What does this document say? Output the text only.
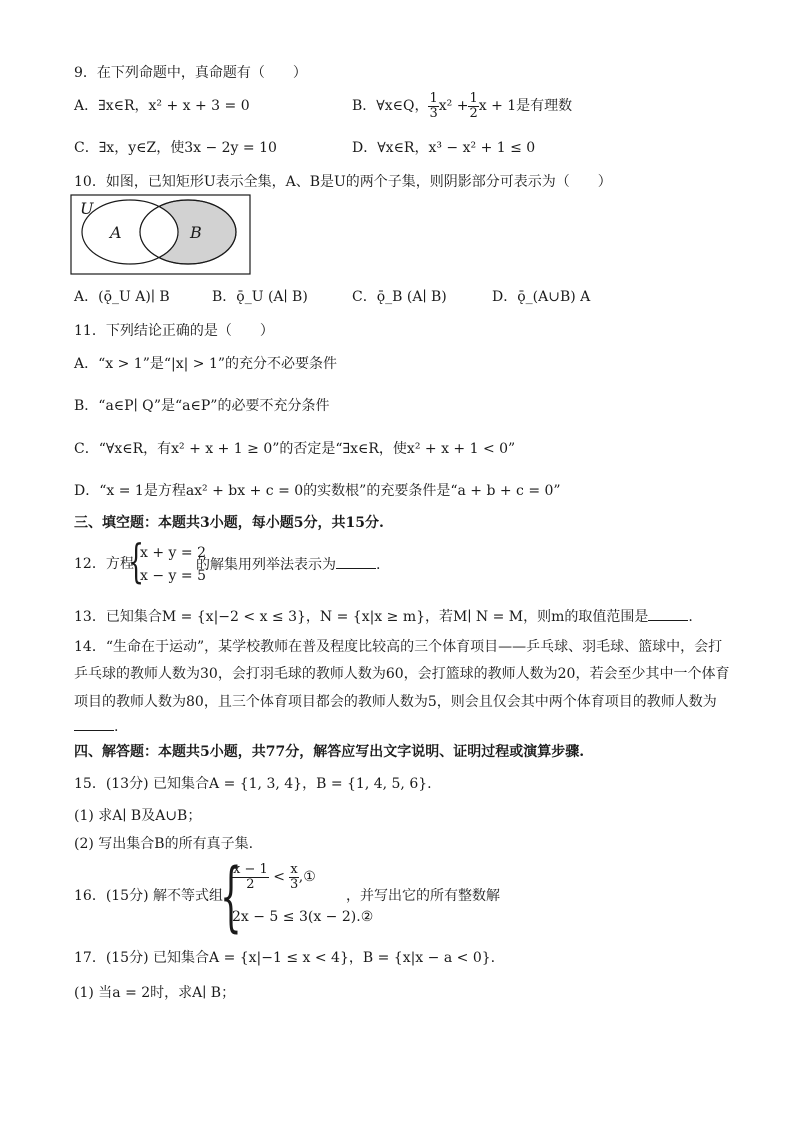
9．在下列命题中，真命题有（　　）
A．∃x∈R，x² + x + 3 = 0	B．∀x∈Q， $\frac{1}{3} x^2 + \frac{1}{2}$ x + 1是有理数
C．∃x，y∈Z，使3x − 2y = 10	D．∀x∈R，x³ − x² + 1 ≤ 0
10．如图，已知矩形U表示全集，A、B是U的两个子集，则阴影部分可表示为（　　）
U
A	B
A．(ǭ_U A)∣ B	B．ǭ_U (A∣ B)	C．ǭ_B (A∣ B)	D．ǭ_(A∪B) A
11．下列结论正确的是（　　）
A．“x > 1”是“|x| > 1”的充分不必要条件
B．“a∈P∣ Q”是“a∈P”的必要不充分条件
C．“∀x∈R，有x² + x + 1 ≥ 0”的否定是“∃x∈R，使x² + x + 1 < 0”
D．“x = 1是方程ax² + bx + c = 0的实数根”的充要条件是“a + b + c = 0”
三、填空题：本题共3小题，每小题5分，共15分.
12．方程
{
x + y = 2
x − y = 5
的解集用列举法表示为	.
13．已知集合M = {x|−2 < x ≤ 3}，N = {x|x ≥ m}，若M∣ N = M，则m的取值范围是	.
14．“生命在于运动”，某学校教师在普及程度比较高的三个体育项目——乒乓球、羽毛球、篮球中，会打
乒乓球的教师人数为30，会打羽毛球的教师人数为60，会打篮球的教师人数为20，若会至少其中一个体育
项目的教师人数为80，且三个体育项目都会的教师人数为5，则会且仅会其中两个体育项目的教师人数为
.
四、解答题：本题共5小题，共77分，解答应写出文字说明、证明过程或演算步骤.
15．(13分) 已知集合A = {1, 3, 4}，B = {1, 4, 5, 6}.
(1) 求A∣ B及A∪B；
(2) 写出集合B的所有真子集.
16．(15分) 解不等式组
{
$\frac{x - 1}{2} < \frac{x}{3}$ ,①
2x − 5 ≤ 3(x − 2).②
，并写出它的所有整数解
17．(15分) 已知集合A = {x|−1 ≤ x < 4}，B = {x|x − a < 0}.
(1) 当a = 2时，求A∣ B；
